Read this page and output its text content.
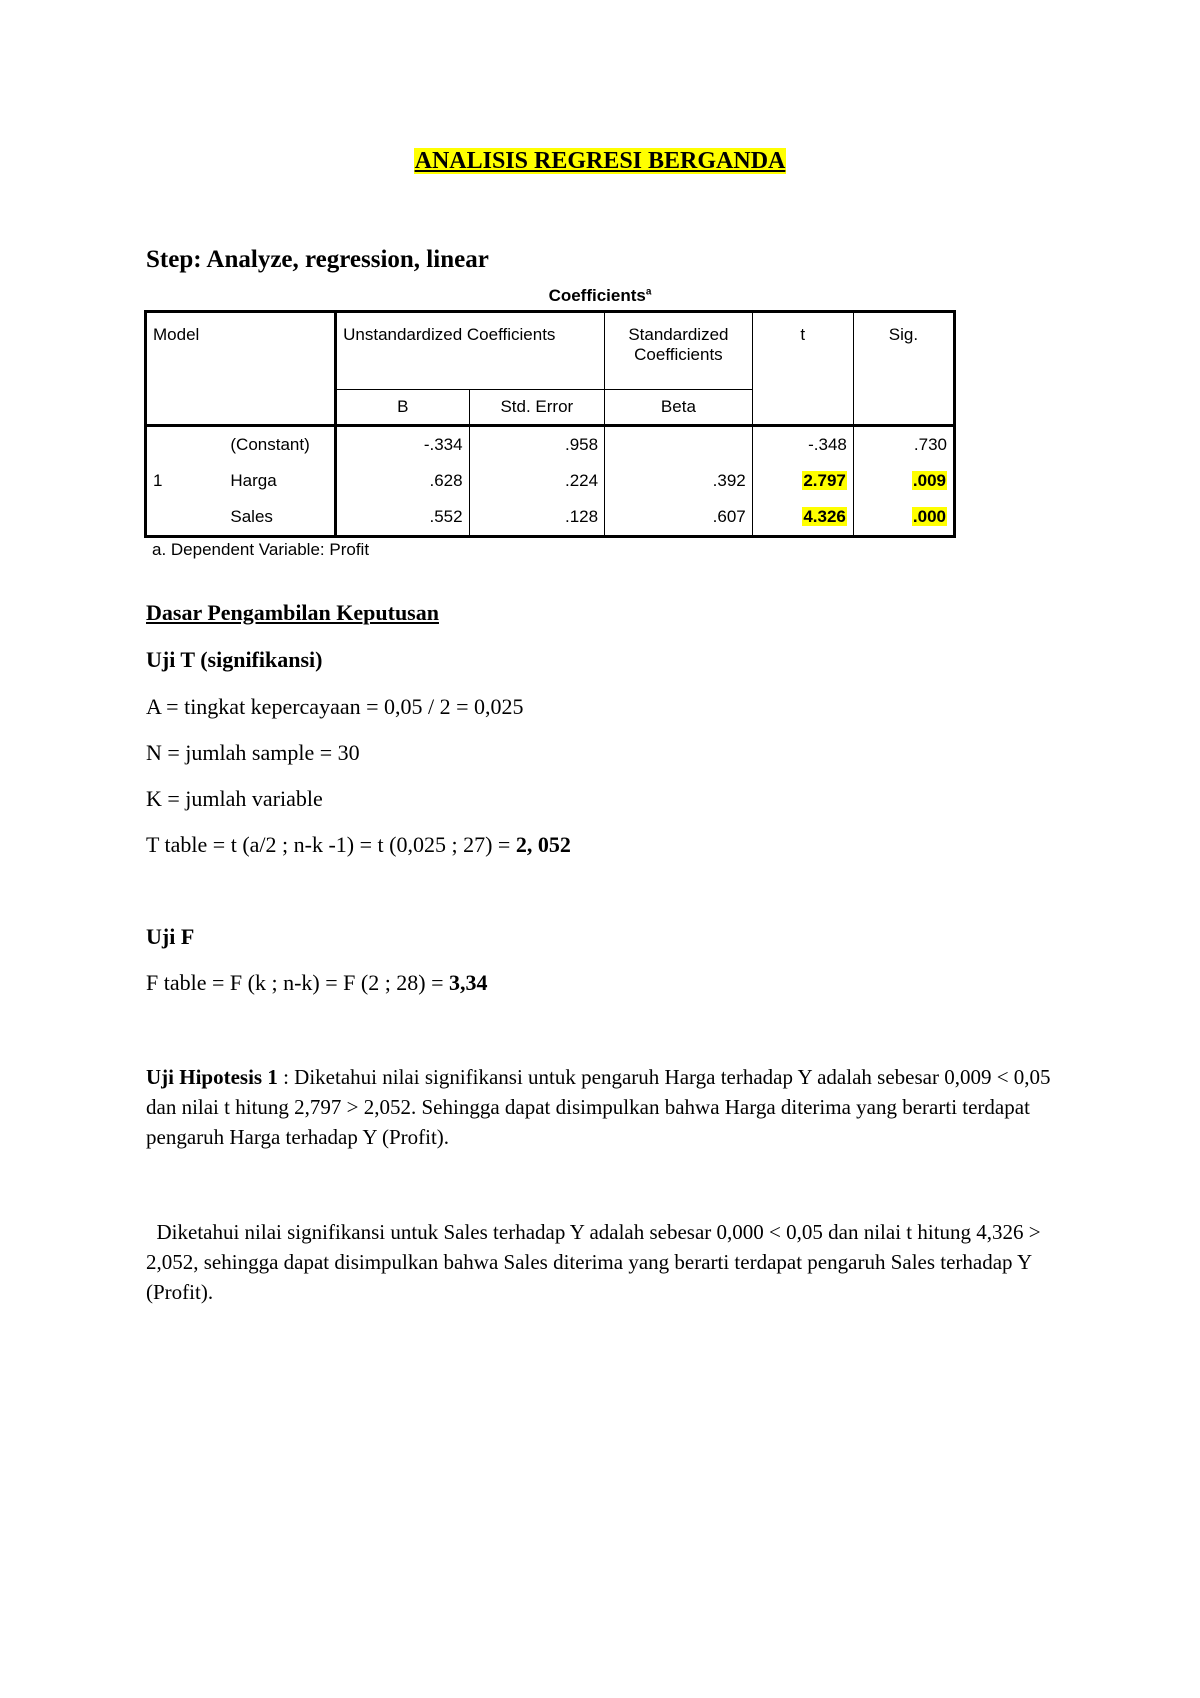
ANALISIS REGRESI BERGANDA
Step: Analyze, regression, linear
Coefficients$^a$
Model		Unstandardized Coefficients		Standardized Coefficients	t	Sig.
		B	Std. Error	Beta		
	(Constant)	-.334	.958		-.348	.730
1	Harga	.628	.224	.392	2.797	.009
	Sales	.552	.128	.607	4.326	.000
a. Dependent Variable: Profit
Dasar Pengambilan Keputusan
Uji T (signifikansi)
A = tingkat kepercayaan = 0,05 / 2 = 0,025
N = jumlah sample = 30
K = jumlah variable
T table = t (a/2 ; n-k -1) = t (0,025 ; 27) = 2, 052
Uji F
F table = F (k ; n-k) = F (2 ; 28) = 3,34
Uji Hipotesis 1 : Diketahui nilai signifikansi untuk pengaruh Harga terhadap Y adalah sebesar 0,009 < 0,05 dan nilai t hitung 2,797 > 2,052. Sehingga dapat disimpulkan bahwa Harga diterima yang berarti terdapat pengaruh Harga terhadap Y (Profit).
Diketahui nilai signifikansi untuk Sales terhadap Y adalah sebesar 0,000 < 0,05 dan nilai t hitung 4,326 > 2,052, sehingga dapat disimpulkan bahwa Sales diterima yang berarti terdapat pengaruh Sales terhadap Y (Profit).
